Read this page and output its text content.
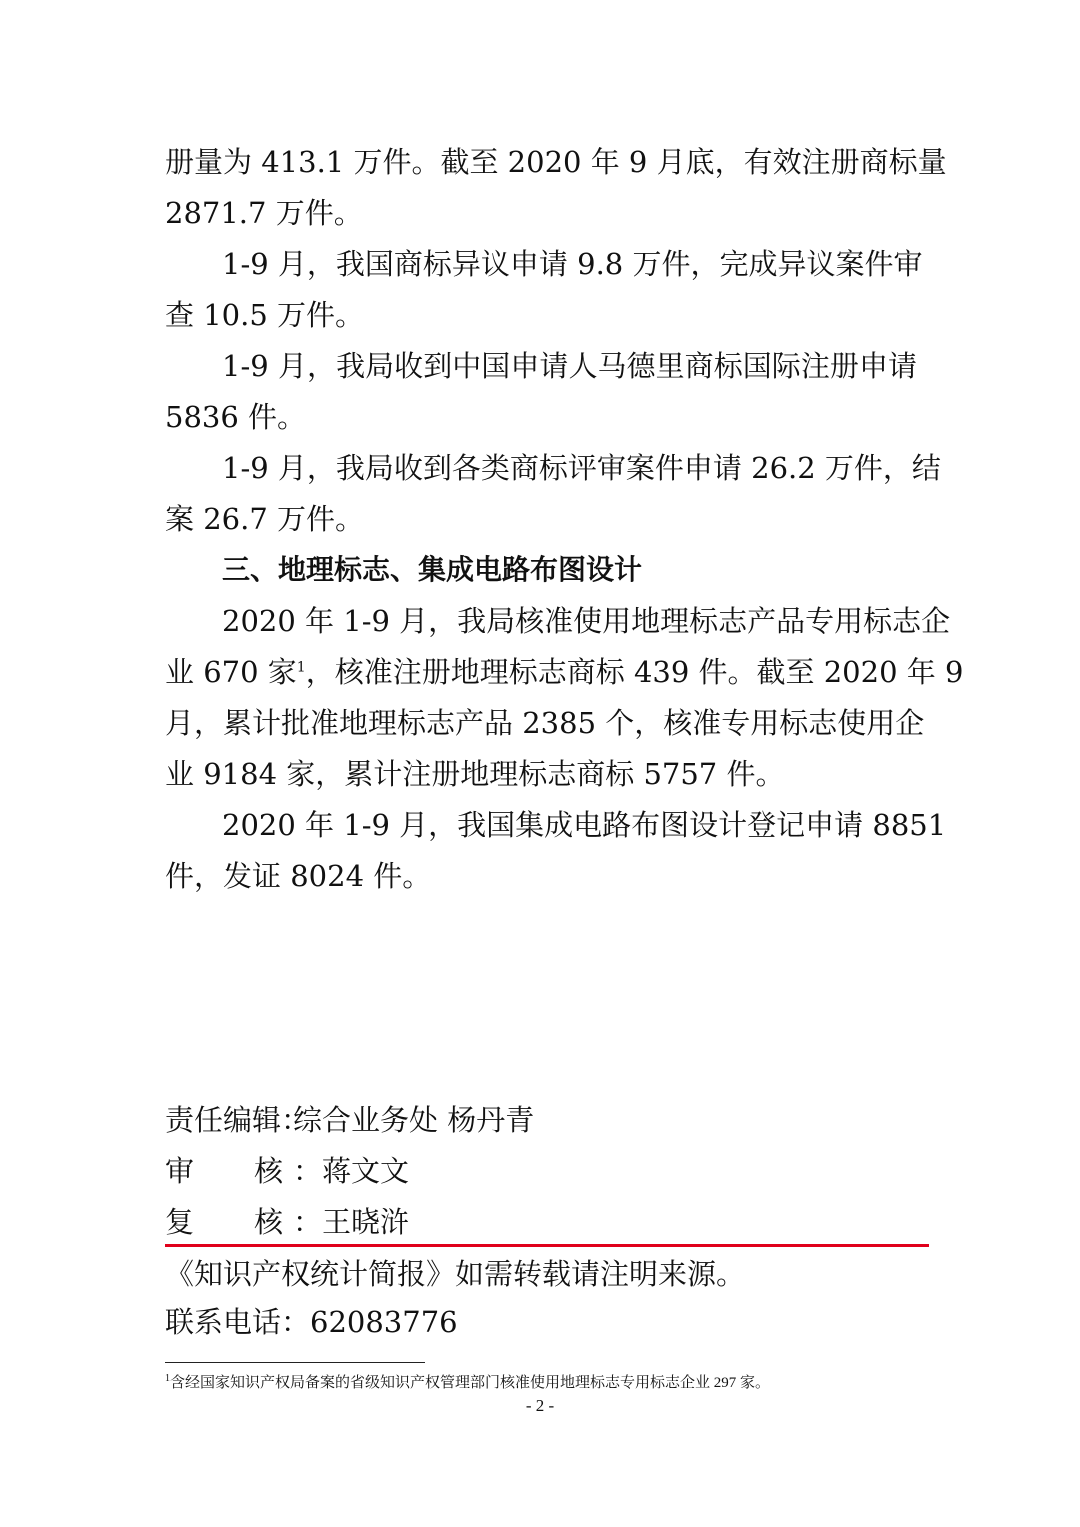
册量为 413.1 万件。截至 2020 年 9 月底，有效注册商标量
2871.7 万件。
1-9 月，我国商标异议申请 9.8 万件，完成异议案件审
查 10.5 万件。
1-9 月，我局收到中国申请人马德里商标国际注册申请
5836 件。
1-9 月，我局收到各类商标评审案件申请 26.2 万件，结
案 26.7 万件。
三、地理标志、集成电路布图设计
2020 年 1-9 月，我局核准使用地理标志产品专用标志企
业 670 家$^1$，核准注册地理标志商标 439 件。截至 2020 年 9
月，累计批准地理标志产品 2385 个，核准专用标志使用企
业 9184 家，累计注册地理标志商标 5757 件。
2020 年 1-9 月，我国集成电路布图设计登记申请 8851
件，发证 8024 件。
责任编辑：综合业务处 杨丹青
审　　核 ：蒋文文
复　　核 ：王晓浒
《知识产权统计简报》如需转载请注明来源。
联系电话：62083776
$^1$含经国家知识产权局备案的省级知识产权管理部门核准使用地理标志专用标志企业 297 家。
- 2 -
